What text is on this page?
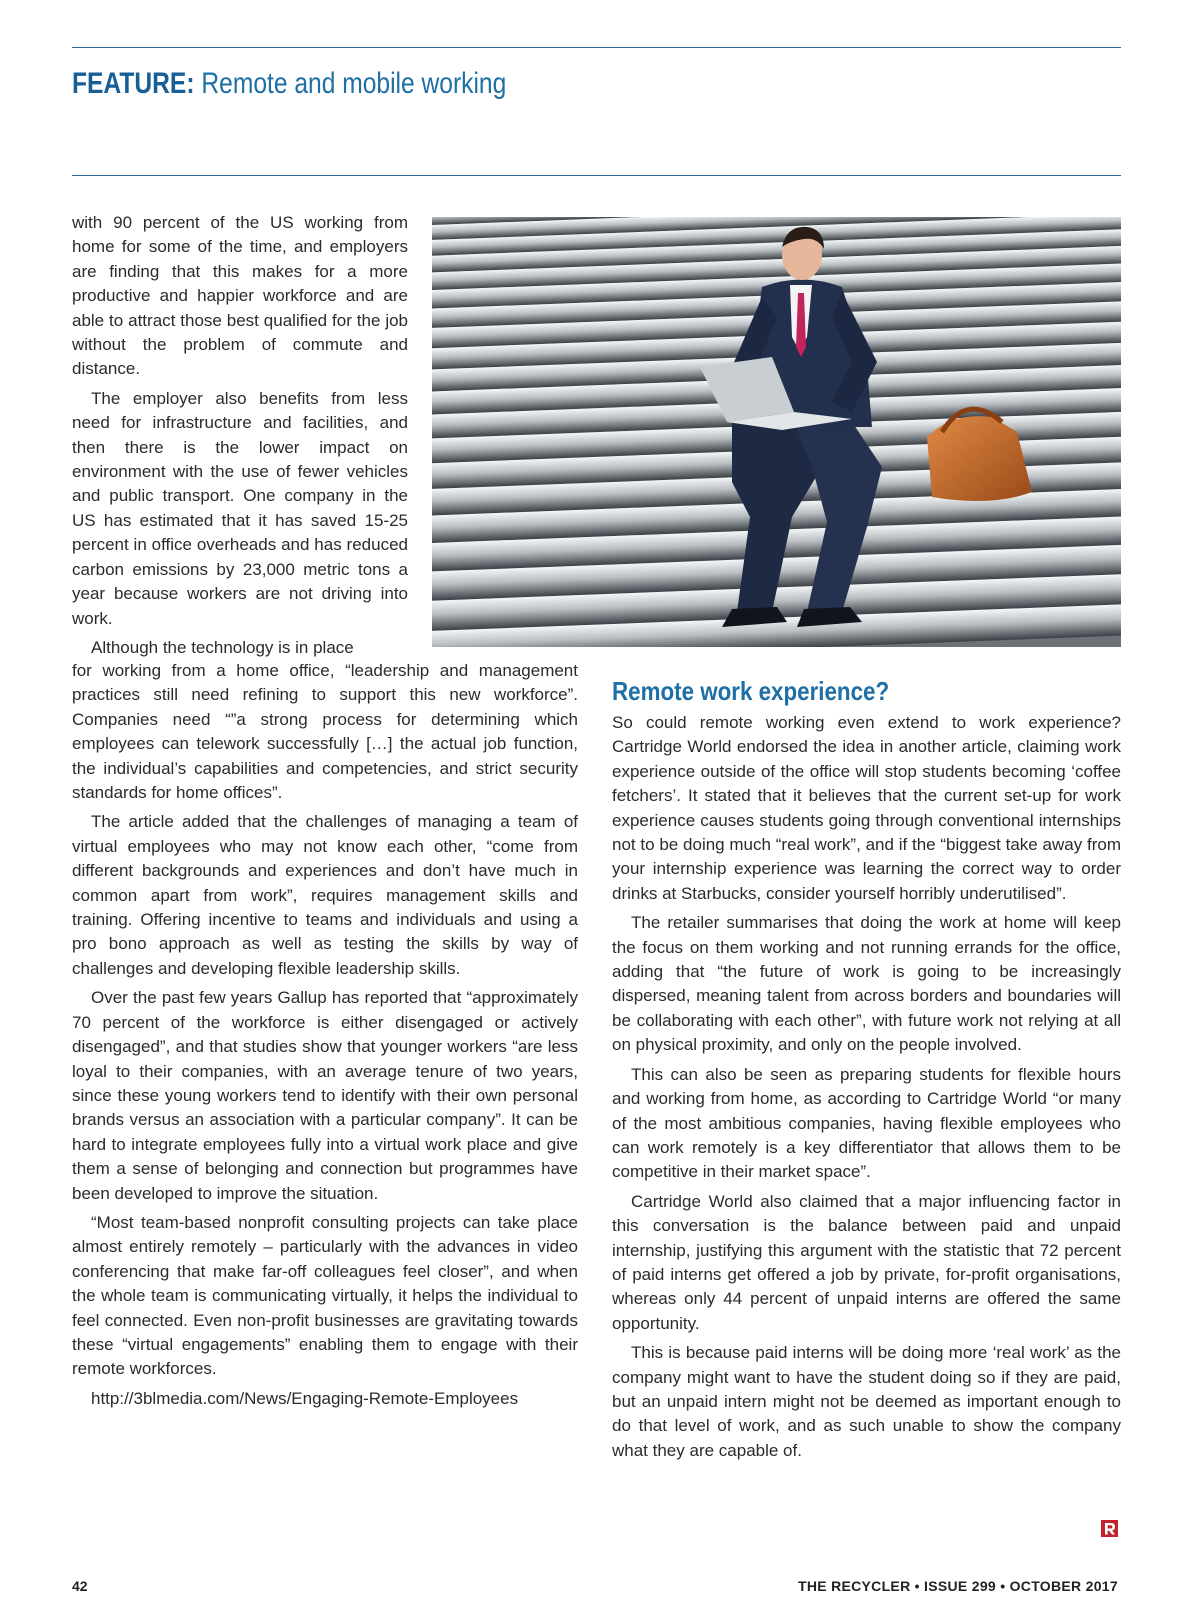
FEATURE: Remote and mobile working

with 90 percent of the US working from home for some of the time, and employers are finding that this makes for a more productive and happier workforce and are able to attract those best qualified for the job without the problem of commute and distance.

The employer also benefits from less need for infrastructure and facilities, and then there is the lower impact on environment with the use of fewer vehicles and public transport. One company in the US has estimated that it has saved 15-25 percent in office overheads and has reduced carbon emissions by 23,000 metric tons a year because workers are not driving into work.

Although the technology is in place

for working from a home office, “leadership and management practices still need refining to support this new workforce”. Companies need “”a strong process for determining which employees can telework successfully […] the actual job function, the individual’s capabilities and competencies, and strict security standards for home offices”.

The article added that the challenges of managing a team of virtual employees who may not know each other, “come from different backgrounds and experiences and don’t have much in common apart from work”, requires management skills and training. Offering incentive to teams and individuals and using a pro bono approach as well as testing the skills by way of challenges and developing flexible leadership skills.

Over the past few years Gallup has reported that “approximately 70 percent of the workforce is either disengaged or actively disengaged”, and that studies show that younger workers “are less loyal to their companies, with an average tenure of two years, since these young workers tend to identify with their own personal brands versus an association with a particular company”. It can be hard to integrate employees fully into a virtual work place and give them a sense of belonging and connection but programmes have been developed to improve the situation.

“Most team-based nonprofit consulting projects can take place almost entirely remotely – particularly with the advances in video conferencing that make far-off colleagues feel closer”, and when the whole team is communicating virtually, it helps the individual to feel connected. Even non-profit businesses are gravitating towards these “virtual engagements” enabling them to engage with their remote workforces.

http://3blmedia.com/News/Engaging-Remote-Employees

Remote work experience?

So could remote working even extend to work experience? Cartridge World endorsed the idea in another article, claiming work experience outside of the office will stop students becoming ‘coffee fetchers’. It stated that it believes that the current set-up for work experience causes students going through conventional internships not to be doing much “real work”, and if the “biggest take away from your internship experience was learning the correct way to order drinks at Starbucks, consider yourself horribly underutilised”.

The retailer summarises that doing the work at home will keep the focus on them working and not running errands for the office, adding that “the future of work is going to be increasingly dispersed, meaning talent from across borders and boundaries will be collaborating with each other”, with future work not relying at all on physical proximity, and only on the people involved.

This can also be seen as preparing students for flexible hours and working from home, as according to Cartridge World “or many of the most ambitious companies, having flexible employees who can work remotely is a key differentiator that allows them to be competitive in their market space”.

Cartridge World also claimed that a major influencing factor in this conversation is the balance between paid and unpaid internship, justifying this argument with the statistic that 72 percent of paid interns get offered a job by private, for-profit organisations, whereas only 44 percent of unpaid interns are offered the same opportunity.

This is because paid interns will be doing more ‘real work’ as the company might want to have the student doing so if they are paid, but an unpaid intern might not be deemed as important enough to do that level of work, and as such unable to show the company what they are capable of.

42	THE RECYCLER • ISSUE 299 • OCTOBER 2017
